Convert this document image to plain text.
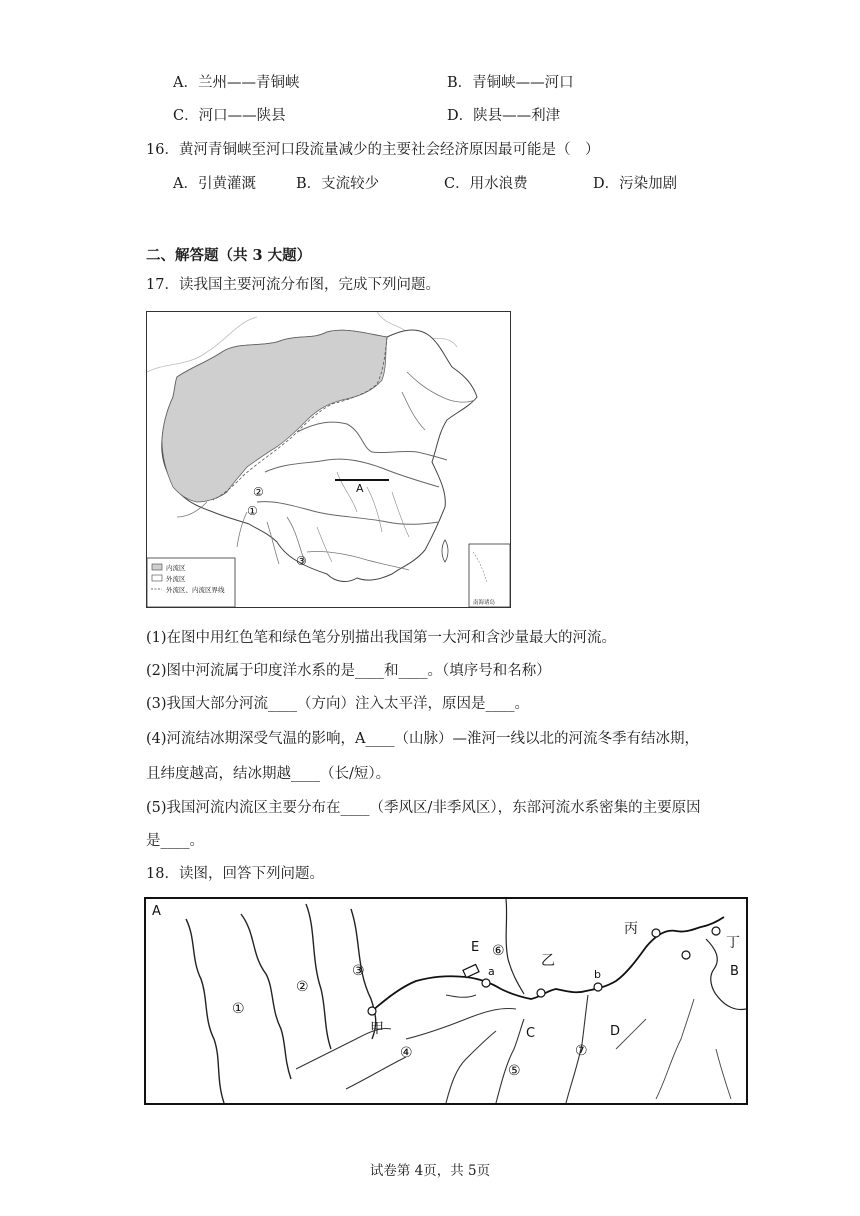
A．兰州——青铜峡	B．青铜峡——河口
C．河口——陕县	D．陕县——利津
16．黄河青铜峡至河口段流量减少的主要社会经济原因最可能是（　）
A．引黄灌溉	B．支流较少	C．用水浪费	D．污染加剧
二、解答题（共 3 大题）
17．读我国主要河流分布图，完成下列问题。
A
②
①
③
内流区
外流区
外流区、内流区界线
南海诸岛
(1)在图中用红色笔和绿色笔分别描出我国第一大河和含沙量最大的河流。
(2)图中河流属于印度洋水系的是____和____。（填序号和名称）
(3)我国大部分河流____（方向）注入太平洋，原因是____。
(4)河流结冰期深受气温的影响，A____（山脉）—淮河一线以北的河流冬季有结冰期，
且纬度越高，结冰期越____（长/短）。
(5)我国河流内流区主要分布在____（季风区/非季风区），东部河流水系密集的主要原因
是____。
18．读图，回答下列问题。
A
B
C	D
E
a	b
甲
乙
丙
丁
①
②
③
④
⑤
⑥
⑦
试卷第 4页，共 5页
